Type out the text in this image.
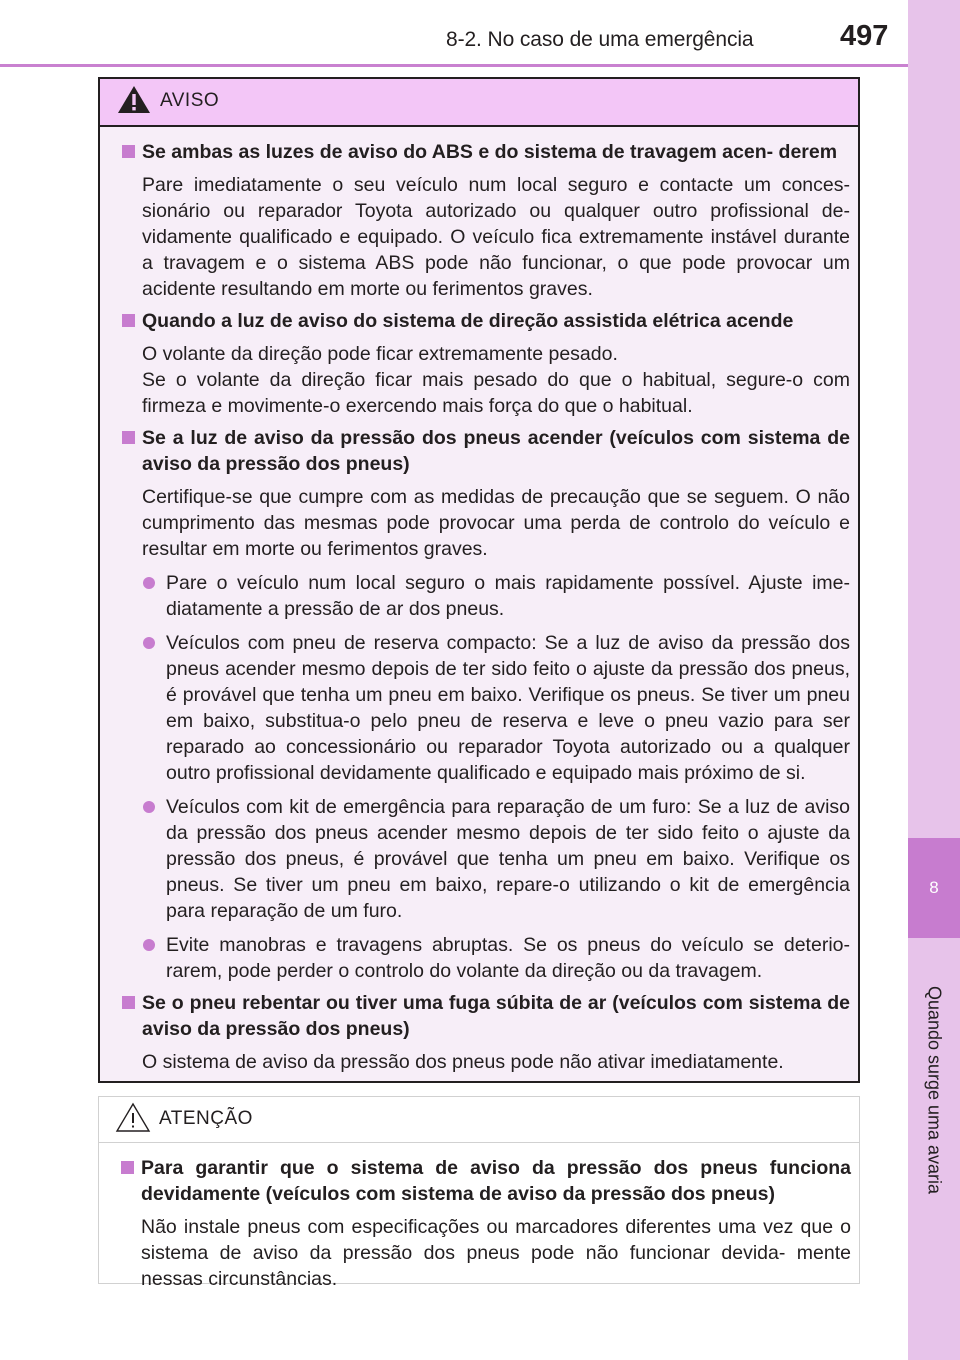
8-2. No caso de uma emergência	497
8
Quando surge uma avaria
AVISO
Se ambas as luzes de aviso do ABS e do sistema de travagem acen- derem
Pare imediatamente o seu veículo num local seguro e contacte um conces- sionário ou reparador Toyota autorizado ou qualquer outro profissional de- vidamente qualificado e equipado. O veículo fica extremamente instável durante a travagem e o sistema ABS pode não funcionar, o que pode provocar um acidente resultando em morte ou ferimentos graves.
Quando a luz de aviso do sistema de direção assistida elétrica acende
O volante da direção pode ficar extremamente pesado.
Se o volante da direção ficar mais pesado do que o habitual, segure-o com firmeza e movimente-o exercendo mais força do que o habitual.
Se a luz de aviso da pressão dos pneus acender (veículos com sistema de aviso da pressão dos pneus)
Certifique-se que cumpre com as medidas de precaução que se seguem. O não cumprimento das mesmas pode provocar uma perda de controlo do veículo e resultar em morte ou ferimentos graves.
Pare o veículo num local seguro o mais rapidamente possível. Ajuste ime- diatamente a pressão de ar dos pneus.
Veículos com pneu de reserva compacto: Se a luz de aviso da pressão dos pneus acender mesmo depois de ter sido feito o ajuste da pressão dos pneus, é provável que tenha um pneu em baixo. Verifique os pneus. Se tiver um pneu em baixo, substitua-o pelo pneu de reserva e leve o pneu vazio para ser reparado ao concessionário ou reparador Toyota autorizado ou a qualquer outro profissional devidamente qualificado e equipado mais próximo de si.
Veículos com kit de emergência para reparação de um furo: Se a luz de aviso da pressão dos pneus acender mesmo depois de ter sido feito o ajuste da pressão dos pneus, é provável que tenha um pneu em baixo. Verifique os pneus. Se tiver um pneu em baixo, repare-o utilizando o kit de emergência para reparação de um furo.
Evite manobras e travagens abruptas. Se os pneus do veículo se deterio- rarem, pode perder o controlo do volante da direção ou da travagem.
Se o pneu rebentar ou tiver uma fuga súbita de ar (veículos com sistema de aviso da pressão dos pneus)
O sistema de aviso da pressão dos pneus pode não ativar imediatamente.
ATENÇÃO
Para garantir que o sistema de aviso da pressão dos pneus funciona devidamente (veículos com sistema de aviso da pressão dos pneus)
Não instale pneus com especificações ou marcadores diferentes uma vez que o sistema de aviso da pressão dos pneus pode não funcionar devida- mente nessas circunstâncias.
